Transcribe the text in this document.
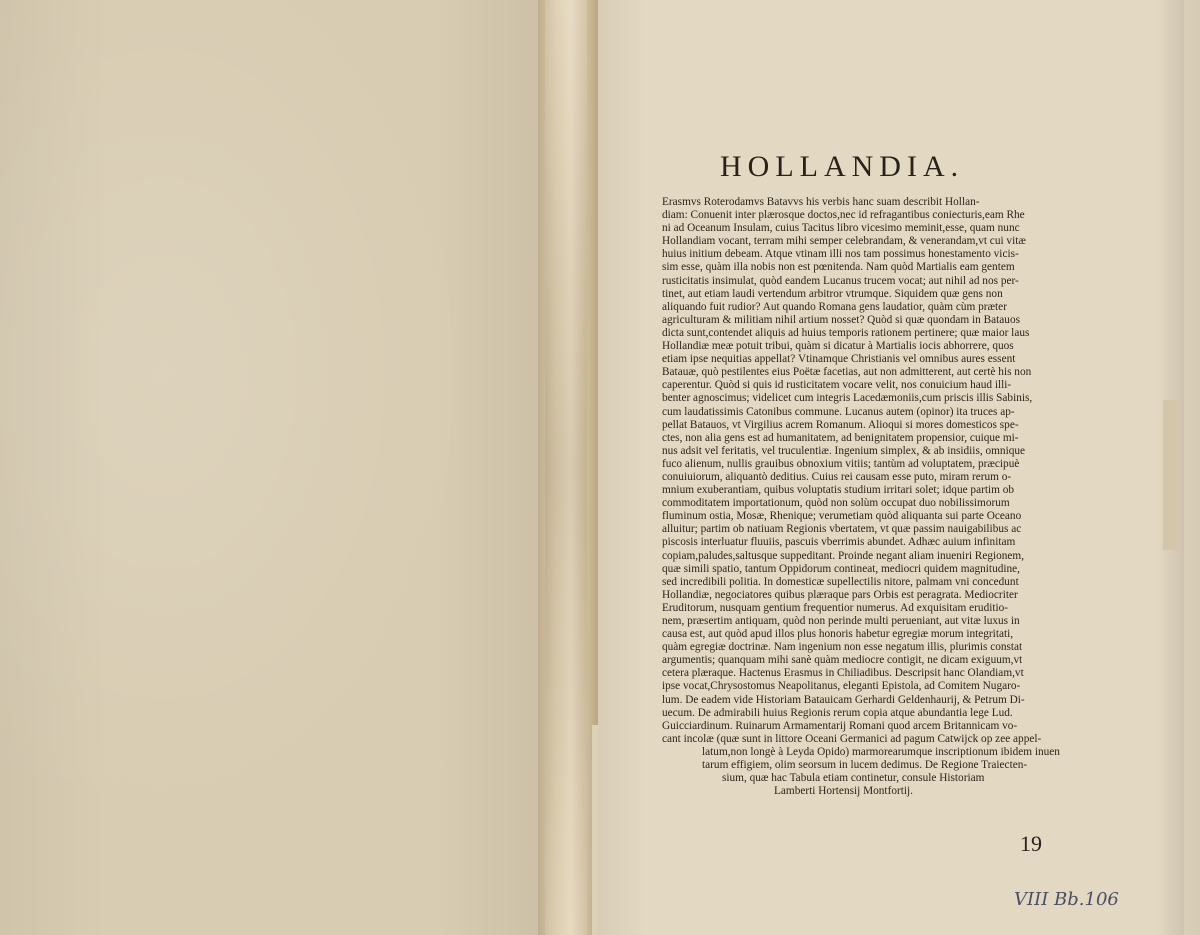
HOLLANDIA.

Erasmvs Roterodamvs Batavvs his verbis hanc suam describit Hollan-

diam: Conuenit inter plærosque doctos,nec id refragantibus coniecturis,eam Rhe

ni ad Oceanum Insulam, cuius Tacitus libro vicesimo meminit,esse, quam nunc

Hollandiam vocant, terram mihi semper celebrandam, & venerandam,vt cui vitæ

huius initium debeam. Atque vtinam illi nos tam possimus honestamento vicis-

sim esse, quàm illa nobis non est pœnitenda. Nam quòd Martialis eam gentem

rusticitatis insimulat, quòd eandem Lucanus trucem vocat; aut nihil ad nos per-

tinet, aut etiam laudi vertendum arbitror vtrumque. Siquidem quæ gens non

aliquando fuit rudior? Aut quando Romana gens laudatior, quàm cùm præter

agriculturam & militiam nihil artium nosset? Quòd si quæ quondam in Batauos

dicta sunt,contendet aliquis ad huius temporis rationem pertinere; quæ maior laus

Hollandiæ meæ potuit tribui, quàm si dicatur à Martialis iocis abhorrere, quos

etiam ipse nequitias appellat? Vtinamque Christianis vel omnibus aures essent

Batauæ, quò pestilentes eius Poëtæ facetias, aut non admitterent, aut certè his non

caperentur. Quòd si quis id rusticitatem vocare velit, nos conuicium haud illi-

benter agnoscimus; videlicet cum integris Lacedæmoniis,cum priscis illis Sabinis,

cum laudatissimis Catonibus commune. Lucanus autem (opinor) ita truces ap-

pellat Batauos, vt Virgilius acrem Romanum. Alioqui si mores domesticos spe-

ctes, non alia gens est ad humanitatem, ad benignitatem propensior, cuique mi-

nus adsit vel feritatis, vel truculentiæ. Ingenium simplex, & ab insidiis, omnique

fuco alienum, nullis grauibus obnoxium vitiis; tantùm ad voluptatem, præcipuè

conuiuiorum, aliquantò deditius. Cuius rei causam esse puto, miram rerum o-

mnium exuberantiam, quibus voluptatis studium irritari solet; idque partim ob

commoditatem importationum, quòd non solùm occupat duo nobilissimorum

fluminum ostia, Mosæ, Rhenique; verumetiam quòd aliquanta sui parte Oceano

alluitur; partim ob natiuam Regionis vbertatem, vt quæ passim nauigabilibus ac

piscosis interluatur fluuiis, pascuis vberrimis abundet. Adhæc auium infinitam

copiam,paludes,saltusque suppeditant. Proinde negant aliam inueniri Regionem,

quæ simili spatio, tantum Oppidorum contineat, mediocri quidem magnitudine,

sed incredibili politia. In domesticæ supellectilis nitore, palmam vni concedunt

Hollandiæ, negociatores quibus plæraque pars Orbis est peragrata. Mediocriter

Eruditorum, nusquam gentium frequentior numerus. Ad exquisitam eruditio-

nem, præsertim antiquam, quòd non perinde multi perueniant, aut vitæ luxus in

causa est, aut quòd apud illos plus honoris habetur egregiæ morum integritati,

quàm egregiæ doctrinæ. Nam ingenium non esse negatum illis, plurimis constat

argumentis; quanquam mihi sanè quàm mediocre contigit, ne dicam exiguum,vt

cetera plæraque. Hactenus Erasmus in Chiliadibus. Descripsit hanc Olandiam,vt

ipse vocat,Chrysostomus Neapolitanus, eleganti Epistola, ad Comitem Nugaro-

lum. De eadem vide Historiam Batauicam Gerhardi Geldenhaurij, & Petrum Di-

uecum. De admirabili huius Regionis rerum copia atque abundantia lege Lud.

Guicciardinum. Ruinarum Armamentarij Romani quod arcem Britannicam vo-

cant incolæ (quæ sunt in littore Oceani Germanici ad pagum Catwijck op zee appel-

latum,non longè à Leyda Opido) marmorearumque inscriptionum ibidem inuen

tarum effigiem, olim seorsum in lucem dedimus. De Regione Traiecten-

sium, quæ hac Tabula etiam continetur, consule Historiam

Lamberti Hortensij Montfortij.

19
VIII Bb.106
